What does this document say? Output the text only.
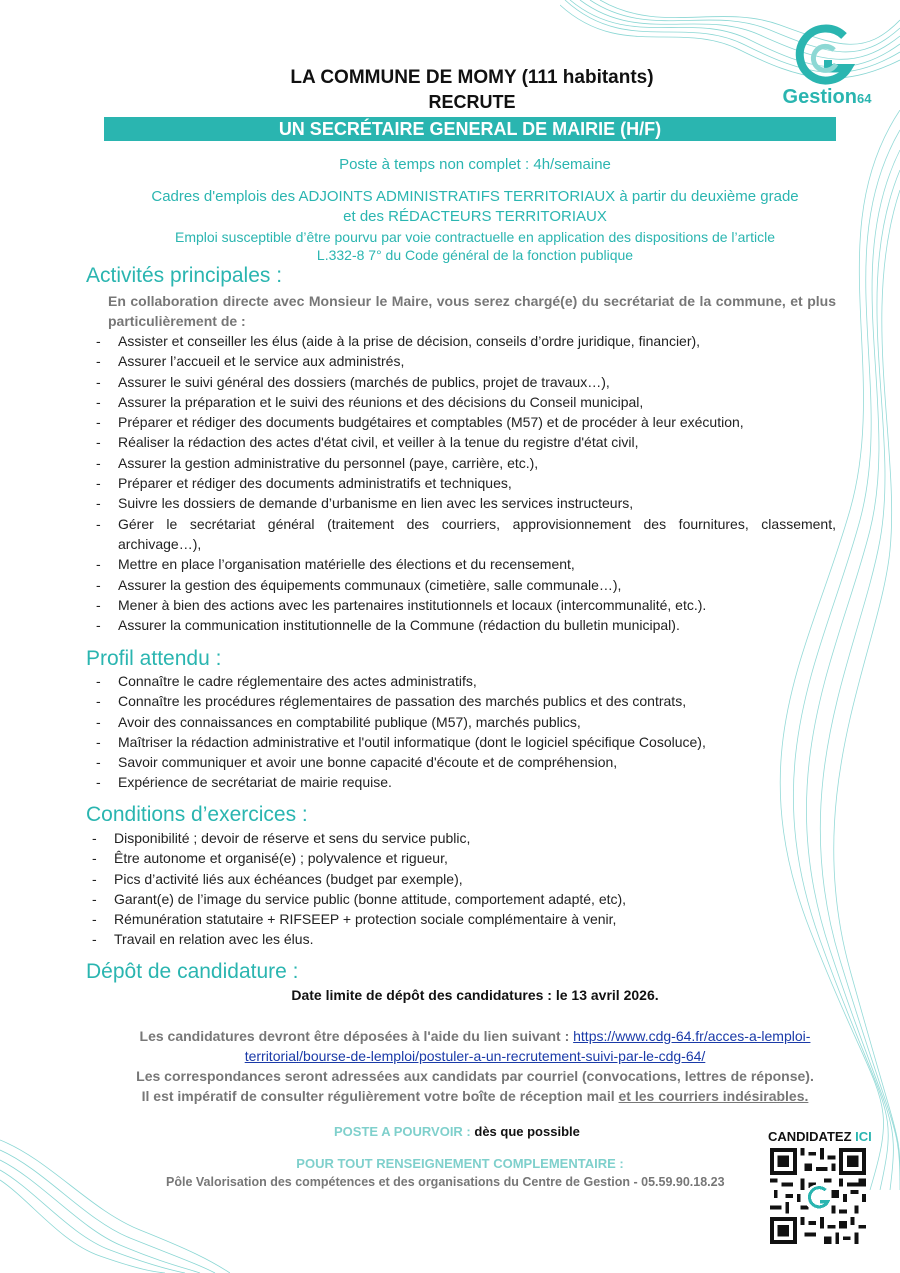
Gestion64
LA COMMUNE DE MOMY (111 habitants)
RECRUTE
UN SECRÉTAIRE GENERAL DE MAIRIE (H/F)
Poste à temps non complet : 4h/semaine
Cadres d'emplois des ADJOINTS ADMINISTRATIFS TERRITORIAUX à partir du deuxième grade
et des RÉDACTEURS TERRITORIAUX
Emploi susceptible d’être pourvu par voie contractuelle en application des dispositions de l’article
L.332-8 7° du Code général de la fonction publique
Activités principales :
En collaboration directe avec Monsieur le Maire, vous serez chargé(e) du secrétariat de la commune, et plus particulièrement de :
- Assister et conseiller les élus (aide à la prise de décision, conseils d’ordre juridique, financier),
- Assurer l’accueil et le service aux administrés,
- Assurer le suivi général des dossiers (marchés de publics, projet de travaux…),
- Assurer la préparation et le suivi des réunions et des décisions du Conseil municipal,
- Préparer et rédiger des documents budgétaires et comptables (M57) et de procéder à leur exécution,
- Réaliser la rédaction des actes d'état civil, et veiller à la tenue du registre d'état civil,
- Assurer la gestion administrative du personnel (paye, carrière, etc.),
- Préparer et rédiger des documents administratifs et techniques,
- Suivre les dossiers de demande d’urbanisme en lien avec les services instructeurs,
- Gérer le secrétariat général (traitement des courriers, approvisionnement des fournitures, classement, archivage…),
- Mettre en place l’organisation matérielle des élections et du recensement,
- Assurer la gestion des équipements communaux (cimetière, salle communale…),
- Mener à bien des actions avec les partenaires institutionnels et locaux (intercommunalité, etc.).
- Assurer la communication institutionnelle de la Commune (rédaction du bulletin municipal).
Profil attendu :
- Connaître le cadre réglementaire des actes administratifs,
- Connaître les procédures réglementaires de passation des marchés publics et des contrats,
- Avoir des connaissances en comptabilité publique (M57), marchés publics,
- Maîtriser la rédaction administrative et l'outil informatique (dont le logiciel spécifique Cosoluce),
- Savoir communiquer et avoir une bonne capacité d'écoute et de compréhension,
- Expérience de secrétariat de mairie requise.
Conditions d’exercices :
- Disponibilité ; devoir de réserve et sens du service public,
- Être autonome et organisé(e) ; polyvalence et rigueur,
- Pics d’activité liés aux échéances (budget par exemple),
- Garant(e) de l’image du service public (bonne attitude, comportement adapté, etc),
- Rémunération statutaire + RIFSEEP + protection sociale complémentaire à venir,
- Travail en relation avec les élus.
Dépôt de candidature :
Date limite de dépôt des candidatures : le 13 avril 2026.
Les candidatures devront être déposées à l'aide du lien suivant : https://www.cdg-64.fr/acces-a-lemploi-
territorial/bourse-de-lemploi/postuler-a-un-recrutement-suivi-par-le-cdg-64/
Les correspondances seront adressées aux candidats par courriel (convocations, lettres de réponse).
Il est impératif de consulter régulièrement votre boîte de réception mail et les courriers indésirables.
POSTE A POURVOIR : dès que possible
POUR TOUT RENSEIGNEMENT COMPLEMENTAIRE :
Pôle Valorisation des compétences et des organisations du Centre de Gestion - 05.59.90.18.23
CANDIDATEZ ICI
